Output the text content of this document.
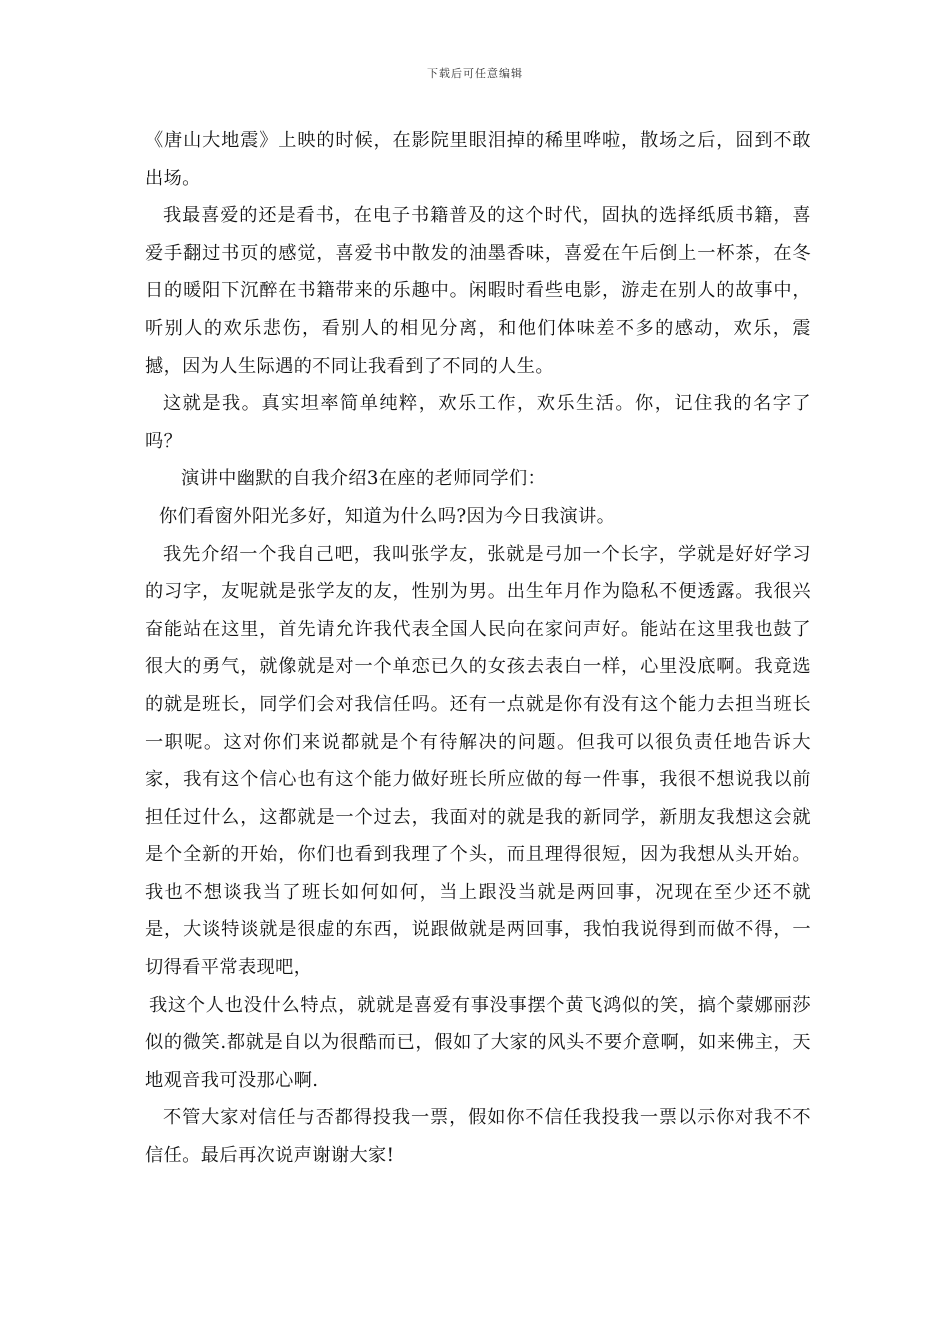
下载后可任意编辑

《唐山大地震》上映的时候，在影院里眼泪掉的稀里哗啦，散场之后，囧到不敢出场。

我最喜爱的还是看书，在电子书籍普及的这个时代，固执的选择纸质书籍，喜爱手翻过书页的感觉，喜爱书中散发的油墨香味，喜爱在午后倒上一杯茶，在冬日的暖阳下沉醉在书籍带来的乐趣中。闲暇时看些电影，游走在别人的故事中，听别人的欢乐悲伤，看别人的相见分离，和他们体味差不多的感动，欢乐，震撼，因为人生际遇的不同让我看到了不同的人生。

这就是我。真实坦率简单纯粹，欢乐工作，欢乐生活。你，记住我的名字了吗？

演讲中幽默的自我介绍3在座的老师同学们：

你们看窗外阳光多好，知道为什么吗?因为今日我演讲。

我先介绍一个我自己吧，我叫张学友，张就是弓加一个长字，学就是好好学习的习字，友呢就是张学友的友，性别为男。出生年月作为隐私不便透露。我很兴奋能站在这里，首先请允许我代表全国人民向在家问声好。能站在这里我也鼓了很大的勇气，就像就是对一个单恋已久的女孩去表白一样，心里没底啊。我竟选的就是班长，同学们会对我信任吗。还有一点就是你有没有这个能力去担当班长一职呢。这对你们来说都就是个有待解决的问题。但我可以很负责任地告诉大家，我有这个信心也有这个能力做好班长所应做的每一件事，我很不想说我以前担任过什么，这都就是一个过去，我面对的就是我的新同学，新朋友我想这会就是个全新的开始，你们也看到我理了个头，而且理得很短，因为我想从头开始。我也不想谈我当了班长如何如何，当上跟没当就是两回事，况现在至少还不就是，大谈特谈就是很虚的东西，说跟做就是两回事，我怕我说得到而做不得，一切得看平常表现吧，

我这个人也没什么特点，就就是喜爱有事没事摆个黄飞鸿似的笑，搞个蒙娜丽莎似的微笑.都就是自以为很酷而已，假如了大家的风头不要介意啊，如来佛主，天地观音我可没那心啊.

不管大家对信任与否都得投我一票，假如你不信任我投我一票以示你对我不不信任。最后再次说声谢谢大家!
